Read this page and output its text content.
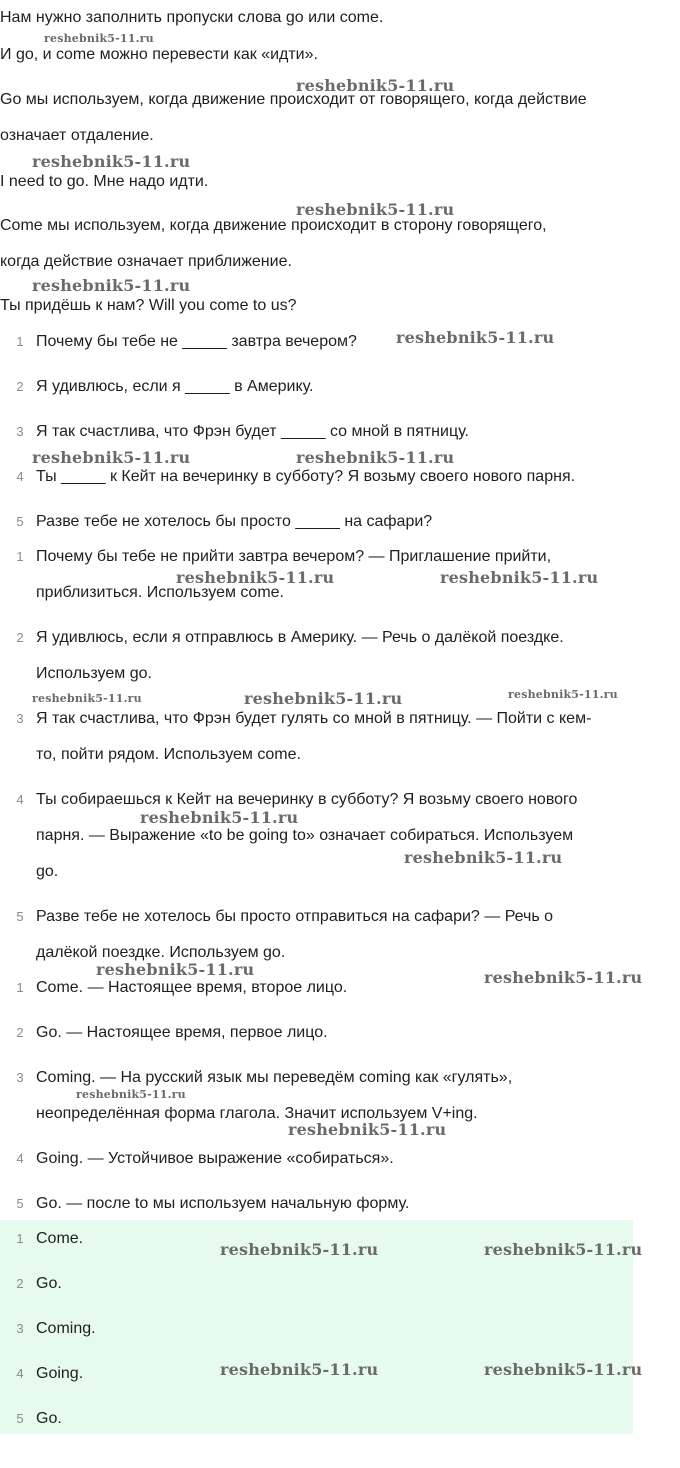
Нам нужно заполнить пропуски слова go или come.
И go, и come можно перевести как «идти».
Go мы используем, когда движение происходит от говорящего, когда действие
означает отдаление.
I need to go. Мне надо идти.
Come мы используем, когда движение происходит в сторону говорящего,
когда действие означает приближение.
Ты придёшь к нам? Will you come to us?
1 Почему бы тебе не _____ завтра вечером?
2 Я удивлюсь, если я _____ в Америку.
3 Я так счастлива, что Фрэн будет _____ со мной в пятницу.
4 Ты _____ к Кейт на вечеринку в субботу? Я возьму своего нового парня.
5 Разве тебе не хотелось бы просто _____ на сафари?
1 Почему бы тебе не прийти завтра вечером? — Приглашение прийти,
приблизиться. Используем come.
2 Я удивлюсь, если я отправлюсь в Америку. — Речь о далёкой поездке.
Используем go.
3 Я так счастлива, что Фрэн будет гулять со мной в пятницу. — Пойти с кем-
то, пойти рядом. Используем come.
4 Ты собираешься к Кейт на вечеринку в субботу? Я возьму своего нового
парня. — Выражение «to be going to» означает собираться. Используем
go.
5 Разве тебе не хотелось бы просто отправиться на сафари? — Речь о
далёкой поездке. Используем go.
1 Come. — Настоящее время, второе лицо.
2 Go. — Настоящее время, первое лицо.
3 Coming. — На русский язык мы переведём coming как «гулять»,
неопределённая форма глагола. Значит используем V+ing.
4 Going. — Устойчивое выражение «собираться».
5 Go. — после to мы используем начальную форму.
1 Come.
2 Go.
3 Coming.
4 Going.
5 Go.
reshebnik5-11.ru
reshebnik5-11.ru
reshebnik5-11.ru
reshebnik5-11.ru
reshebnik5-11.ru
reshebnik5-11.ru
reshebnik5-11.ru	reshebnik5-11.ru
reshebnik5-11.ru	reshebnik5-11.ru
reshebnik5-11.ru	reshebnik5-11.ru	reshebnik5-11.ru
reshebnik5-11.ru
reshebnik5-11.ru
reshebnik5-11.ru	reshebnik5-11.ru
reshebnik5-11.ru
reshebnik5-11.ru
reshebnik5-11.ru	reshebnik5-11.ru
reshebnik5-11.ru	reshebnik5-11.ru
